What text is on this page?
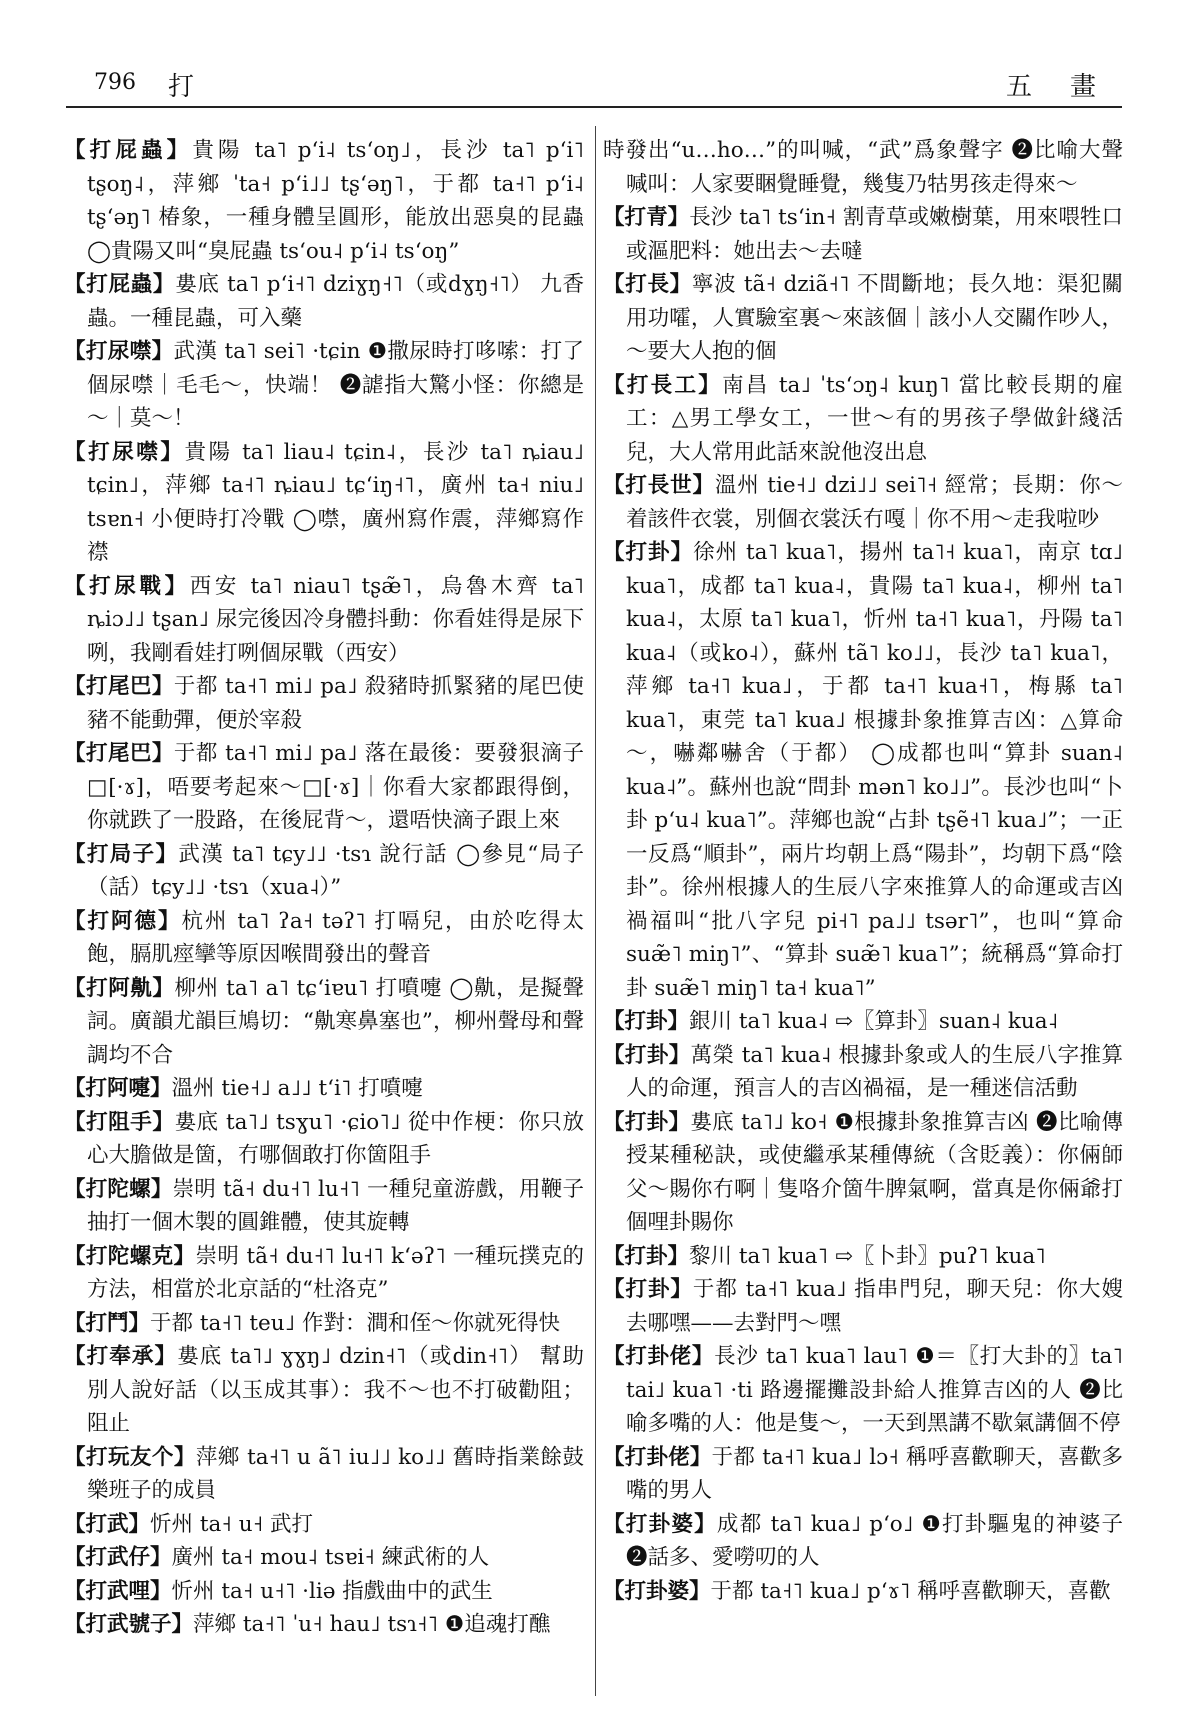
796 打	五　畫
【打屁蟲】貴陽 ta˥ pʻi˨ tsʻoŋ˩，長沙 ta˥ pʻi˥ tʂoŋ˨，萍鄉 ˈta˧ pʻi˩˩ tʂʻəŋ˥，于都 ta˧˥ pʻi˨ tʂʻəŋ˥ 椿象，一種身體呈圓形，能放出惡臭的昆蟲 ◯貴陽又叫“臭屁蟲 tsʻou˨ pʻi˨ tsʻoŋ”
【打屁蟲】婁底 ta˥ pʻi˧˥ dziɣŋ˧˥（或dɣŋ˧˥） 九香蟲。一種昆蟲，可入藥
【打尿噤】武漢 ta˥ sei˥ ·tɕin ❶撒尿時打哆嗦：打了個尿噤｜毛毛～，快端！ ❷謔指大驚小怪：你總是～｜莫～！
【打尿噤】貴陽 ta˥ liau˨ tɕin˨，長沙 ta˥ ȵiau˩ tɕin˩，萍鄉 ta˧˥ ȵiau˩ tɕʻiŋ˧˥，廣州 ta˧ niu˩ tsɐn˧ 小便時打冷戰 ◯噤，廣州寫作震，萍鄉寫作襟
【打尿戰】西安 ta˥ niau˥ tʂæ̃˥，烏魯木齊 ta˥ ȵiɔ˩˩ tʂan˩ 尿完後因冷身體抖動：你看娃得是尿下咧，我剛看娃打咧個尿戰（西安）
【打尾巴】于都 ta˧˥ mi˩ pa˩ 殺豬時抓緊豬的尾巴使豬不能動彈，便於宰殺
【打尾巴】于都 ta˧˥ mi˩ pa˩ 落在最後：要發狠滴子□[·ɤ]，唔要考起來～□[·ɤ]｜你看大家都跟得倒，你就跌了一股路，在後屁背～，還唔快滴子跟上來
【打局子】武漢 ta˥ tɕy˩˩ ·tsɿ 說行話 ◯參見“局子（話）tɕy˩˩ ·tsɿ（xua˨）”
【打阿德】杭州 ta˥ ʔa˧ təʔ˥ 打嗝兒，由於吃得太飽，膈肌痙攣等原因喉間發出的聲音
【打阿鼽】柳州 ta˥ a˥ tɕʻiɐu˥ 打噴嚏 ◯鼽，是擬聲詞。廣韻尤韻巨鳩切：“鼽寒鼻塞也”，柳州聲母和聲調均不合
【打阿嚏】溫州 tie˧˩ a˩˩ tʻi˥ 打噴嚏
【打阻手】婁底 ta˥˩ tsɣu˥ ·ɕio˥˩ 從中作梗：你只放心大膽做是箇，冇哪個敢打你箇阻手
【打陀螺】崇明 tã˧ du˧˥ lu˧˥ 一種兒童游戲，用鞭子抽打一個木製的圓錐體，使其旋轉
【打陀螺克】崇明 tã˧ du˧˥ lu˧˥ kʻəʔ˥ 一種玩撲克的方法，相當於北京話的“杜洛克”
【打鬥】于都 ta˧˥ teu˩ 作對：澗和侄～你就死得快
【打奉承】婁底 ta˥˩ ɣɣŋ˩ dzin˧˥（或din˧˥） 幫助別人說好話（以玉成其事）：我不～也不打破勸阻；阻止
【打玩友个】萍鄉 ta˧˥ u ã˥ iu˩˩ ko˩˩ 舊時指業餘鼓樂班子的成員
【打武】忻州 ta˧ u˧ 武打
【打武仔】廣州 ta˧ mou˨ tsɐi˧ 練武術的人
【打武哩】忻州 ta˧ u˧˥ ·liə 指戲曲中的武生
【打武號子】萍鄉 ta˧˥ ˈu˧ hau˩ tsɿ˧˥ ❶追魂打醮
時發出“u…ho…”的叫喊，“武”爲象聲字 ❷比喻大聲喊叫：人家要睏覺睡覺，幾隻乃牯男孩走得來～
【打青】長沙 ta˥ tsʻin˧ 割青草或嫩樹葉，用來喂牲口或漚肥料：她出去～去噠
【打長】寧波 tã˧ dziã˧˥ 不間斷地；長久地：渠犯關用功嚯，人實驗室裏～來該個｜該小人交關作吵人，～要大人抱的個
【打長工】南昌 ta˩ ˈtsʻɔŋ˨ kuŋ˥ 當比較長期的雇工：△男工學女工，一世～有的男孩子學做針綫活兒，大人常用此話來說他沒出息
【打長世】溫州 tie˧˩ dzi˩˩ sei˥˧ 經常；長期：你～着該件衣裳，別個衣裳沃冇嘎｜你不用～走我啦吵
【打卦】徐州 ta˥ kua˥，揚州 ta˥˧ kua˥，南京 tɑ˩ kua˥，成都 ta˥ kua˨，貴陽 ta˥ kua˨，柳州 ta˥ kua˨，太原 ta˥ kua˥，忻州 ta˧˥ kua˥，丹陽 ta˥ kua˨（或ko˨），蘇州 tã˥ ko˩˩，長沙 ta˥ kua˥，萍鄉 ta˧˥ kua˩，于都 ta˧˥ kua˧˥，梅縣 ta˥ kua˥，東莞 ta˥ kua˩ 根據卦象推算吉凶：△算命～，嚇鄰嚇舍（于都） ◯成都也叫“算卦 suan˨ kua˨”。蘇州也說“問卦 mən˥ ko˩˩”。長沙也叫“卜卦 pʻu˨ kua˥”。萍鄉也說“占卦 tʂẽ˧˥ kua˩”；一正一反爲“順卦”，兩片均朝上爲“陽卦”，均朝下爲“陰卦”。徐州根據人的生辰八字來推算人的命運或吉凶禍福叫“批八字兒 pi˧˥ pa˩˩ tsər˥”，也叫“算命 suæ̃˥ miŋ˥”、“算卦 suæ̃˥ kua˥”；統稱爲“算命打卦 suæ̃˥ miŋ˥ ta˧ kua˥”
【打卦】銀川 ta˥ kua˨ ⇨〖算卦〗suan˨ kua˨
【打卦】萬榮 ta˥ kua˨ 根據卦象或人的生辰八字推算人的命運，預言人的吉凶禍福，是一種迷信活動
【打卦】婁底 ta˥˩ ko˧ ❶根據卦象推算吉凶 ❷比喻傳授某種秘訣，或使繼承某種傳統（含貶義）：你倆師父～賜你冇啊｜隻咯介箇牛脾氣啊，當真是你倆爺打個哩卦賜你
【打卦】黎川 ta˥ kua˥ ⇨〖卜卦〗puʔ˥ kua˥
【打卦】于都 ta˧˥ kua˩ 指串門兒，聊天兒：你大嫂去哪嘿——去對門～嘿
【打卦佬】長沙 ta˥ kua˥ lau˥ ❶＝〖打大卦的〗ta˥ tai˩ kua˥ ·ti 路邊擺攤設卦給人推算吉凶的人 ❷比喻多嘴的人：他是隻～，一天到黑講不歇氣講個不停
【打卦佬】于都 ta˧˥ kua˩ lɔ˧ 稱呼喜歡聊天，喜歡多嘴的男人
【打卦婆】成都 ta˥ kua˩ pʻo˩ ❶打卦驅鬼的神婆子 ❷話多、愛嘮叨的人
【打卦婆】于都 ta˧˥ kua˩ pʻɤ˥ 稱呼喜歡聊天，喜歡
